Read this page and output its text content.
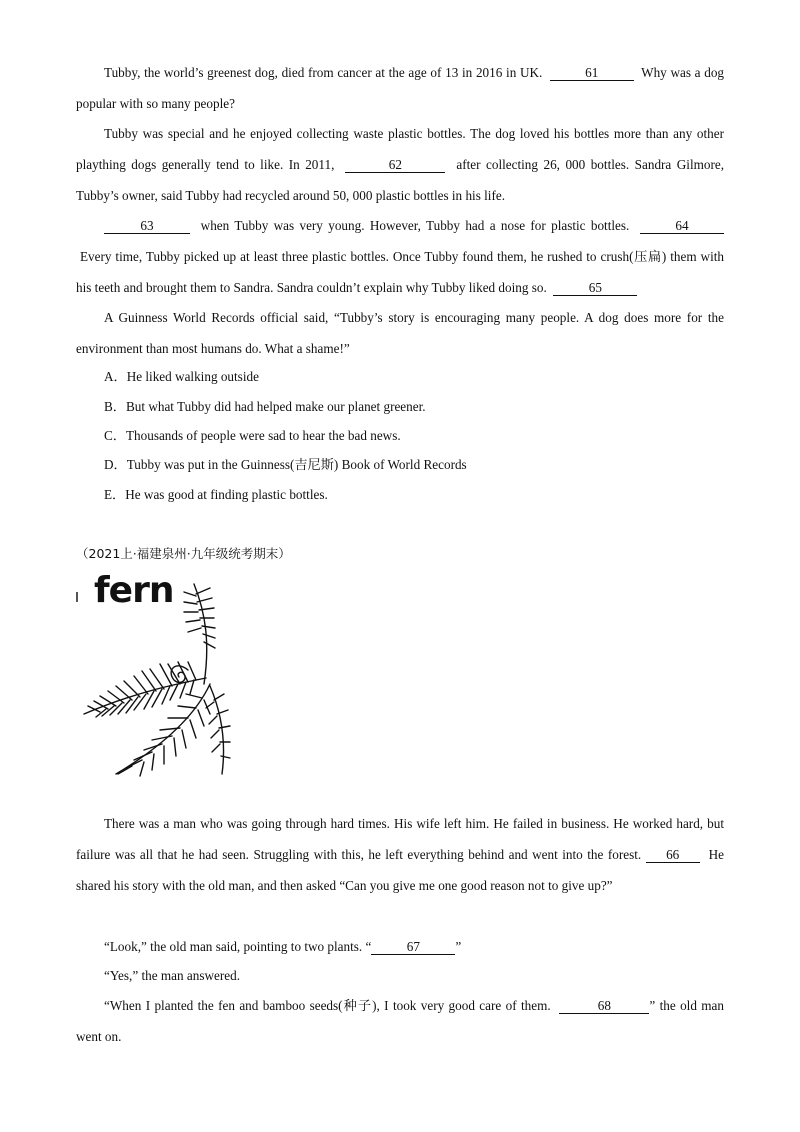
Tubby, the world’s greenest dog, died from cancer at the age of 13 in 2016 in UK.	61	Why was a dog popular with so many people?

Tubby was special and he enjoyed collecting waste plastic bottles. The dog loved his bottles more than any other plaything dogs generally tend to like. In 2011,	62	after collecting 26, 000 bottles. Sandra Gilmore, Tubby’s owner, said Tubby had recycled around 50, 000 plastic bottles in his life.

63	when Tubby was very young. However, Tubby had a nose for plastic bottles.	64 Every time, Tubby picked up at least three plastic bottles. Once Tubby found them, he rushed to crush(压扁) them with his teeth and brought them to Sandra. Sandra couldn’t explain why Tubby liked doing so.	65

A Guinness World Records official said, “Tubby’s story is encouraging many people. A dog does more for the environment than most humans do. What a shame!”

A．He liked walking outside

B．But what Tubby did had helped make our planet greener.

C．Thousands of people were sad to hear the bad news.

D．Tubby was put in the Guinness(吉尼斯) Book of World Records

E．He was good at finding plastic bottles.

（2021上·福建泉州·九年级统考期末）

fern

There was a man who was going through hard times. His wife left him. He failed in business. He worked hard, but failure was all that he had seen. Struggling with this, he left everything behind and went into the forest. 66 He shared his story with the old man, and then asked “Can you give me one good reason not to give up?”

“Look,” the old man said, pointing to two plants. “	67	”

“Yes,” the man answered.

“When I planted the fen and bamboo seeds(种子), I took very good care of them.	68	” the old man went on.
